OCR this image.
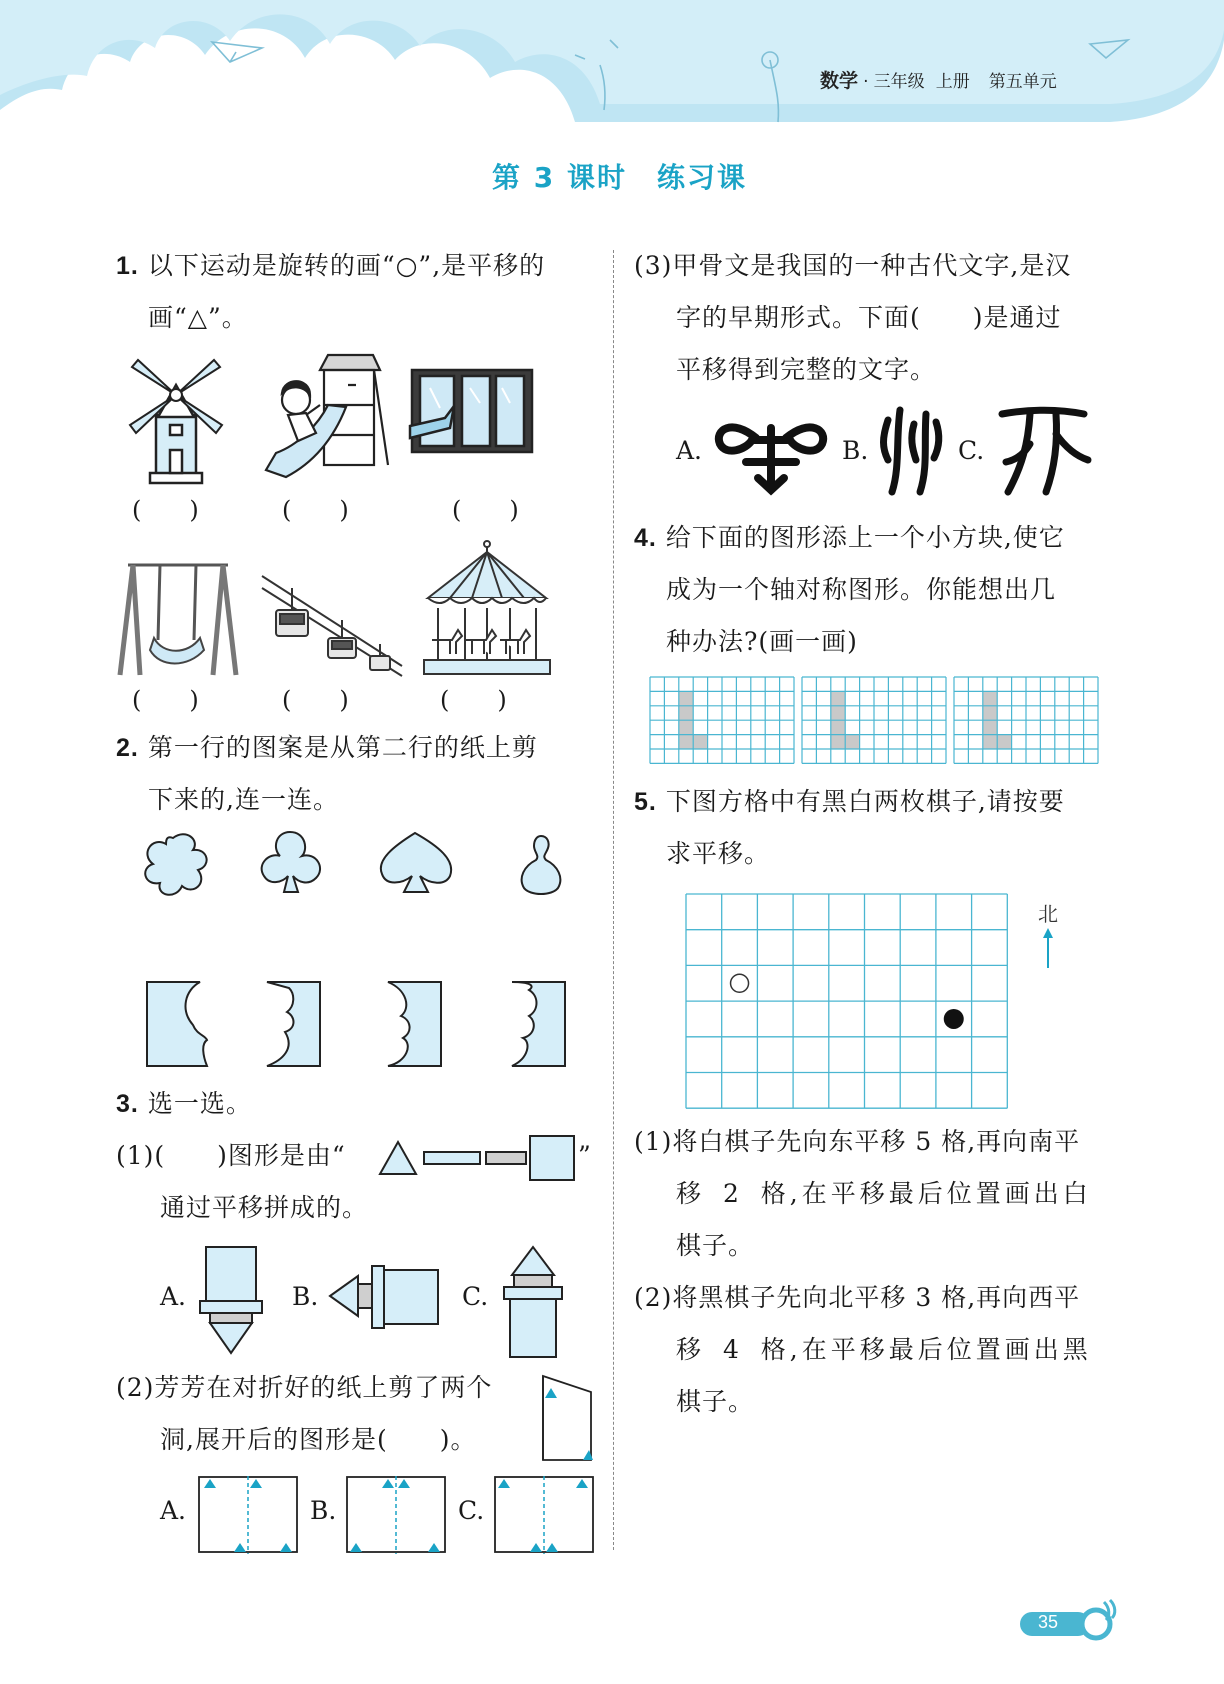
数学 · 三年级 上册 第五单元
第 3 课时　练习课
1. 以下运动是旋转的画“○”,是平移的
画“△”。
(　　)	(　　)	(　　)
(　　)	(　　)	(　　)
2. 第一行的图案是从第二行的纸上剪
下来的,连一连。
3. 选一选。
(1)(　　)图形是由“	”
通过平移拼成的。
A.	B.	C.
(2)芳芳在对折好的纸上剪了两个
洞,展开后的图形是(　　)。
A.	B.	C.
(3)甲骨文是我国的一种古代文字,是汉
字的早期形式。下面(　　)是通过
平移得到完整的文字。
A.	B.	C.
4. 给下面的图形添上一个小方块,使它
成为一个轴对称图形。你能想出几
种办法?(画一画)
5. 下图方格中有黑白两枚棋子,请按要
求平移。
北
(1)将白棋子先向东平移 5 格,再向南平
移 2 格,在平移最后位置画出白
棋子。
(2)将黑棋子先向北平移 3 格,再向西平
移 4 格,在平移最后位置画出黑
棋子。
35
